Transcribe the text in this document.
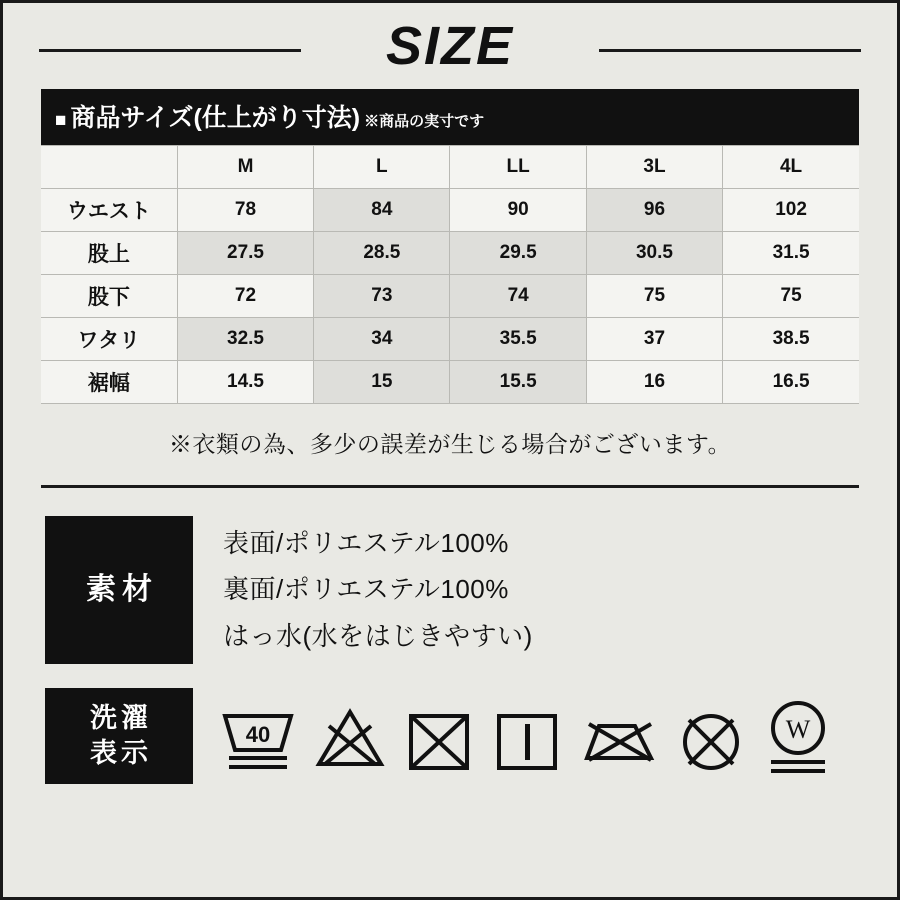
SIZE
■ 商品サイズ(仕上がり寸法) ※商品の実寸です
	M	L	LL	3L	4L
ウエスト	78	84	90	96	102
股上	27.5	28.5	29.5	30.5	31.5
股下	72	73	74	75	75
ワタリ	32.5	34	35.5	37	38.5
裾幅	14.5	15	15.5	16	16.5
※衣類の為、多少の誤差が生じる場合がございます。
素材
表面/ポリエステル100%
裏面/ポリエステル100%
はっ水(水をはじきやすい)
洗濯
表示
40	W
